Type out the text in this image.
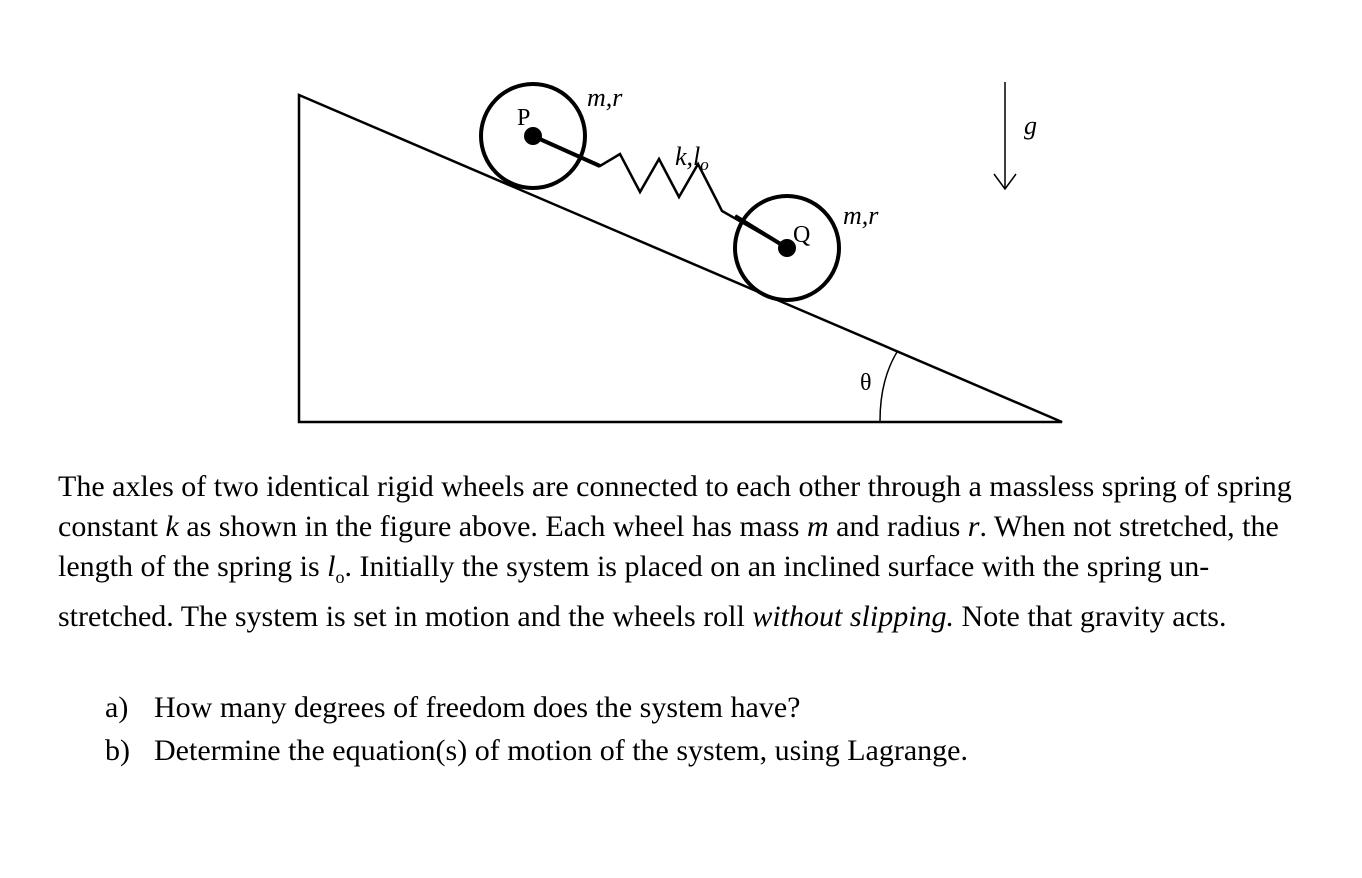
θ
P
m,r
Q
m,r
k,lo
g

The axles of two identical rigid wheels are connected to each other through a massless spring of spring constant k as shown in the figure above. Each wheel has mass m and radius r. When not stretched, the length of the spring is $l_o$. Initially the system is placed on an inclined surface with the spring un-stretched. The system is set in motion and the wheels roll without slipping. Note that gravity acts.

a) How many degrees of freedom does the system have?
b) Determine the equation(s) of motion of the system, using Lagrange.
